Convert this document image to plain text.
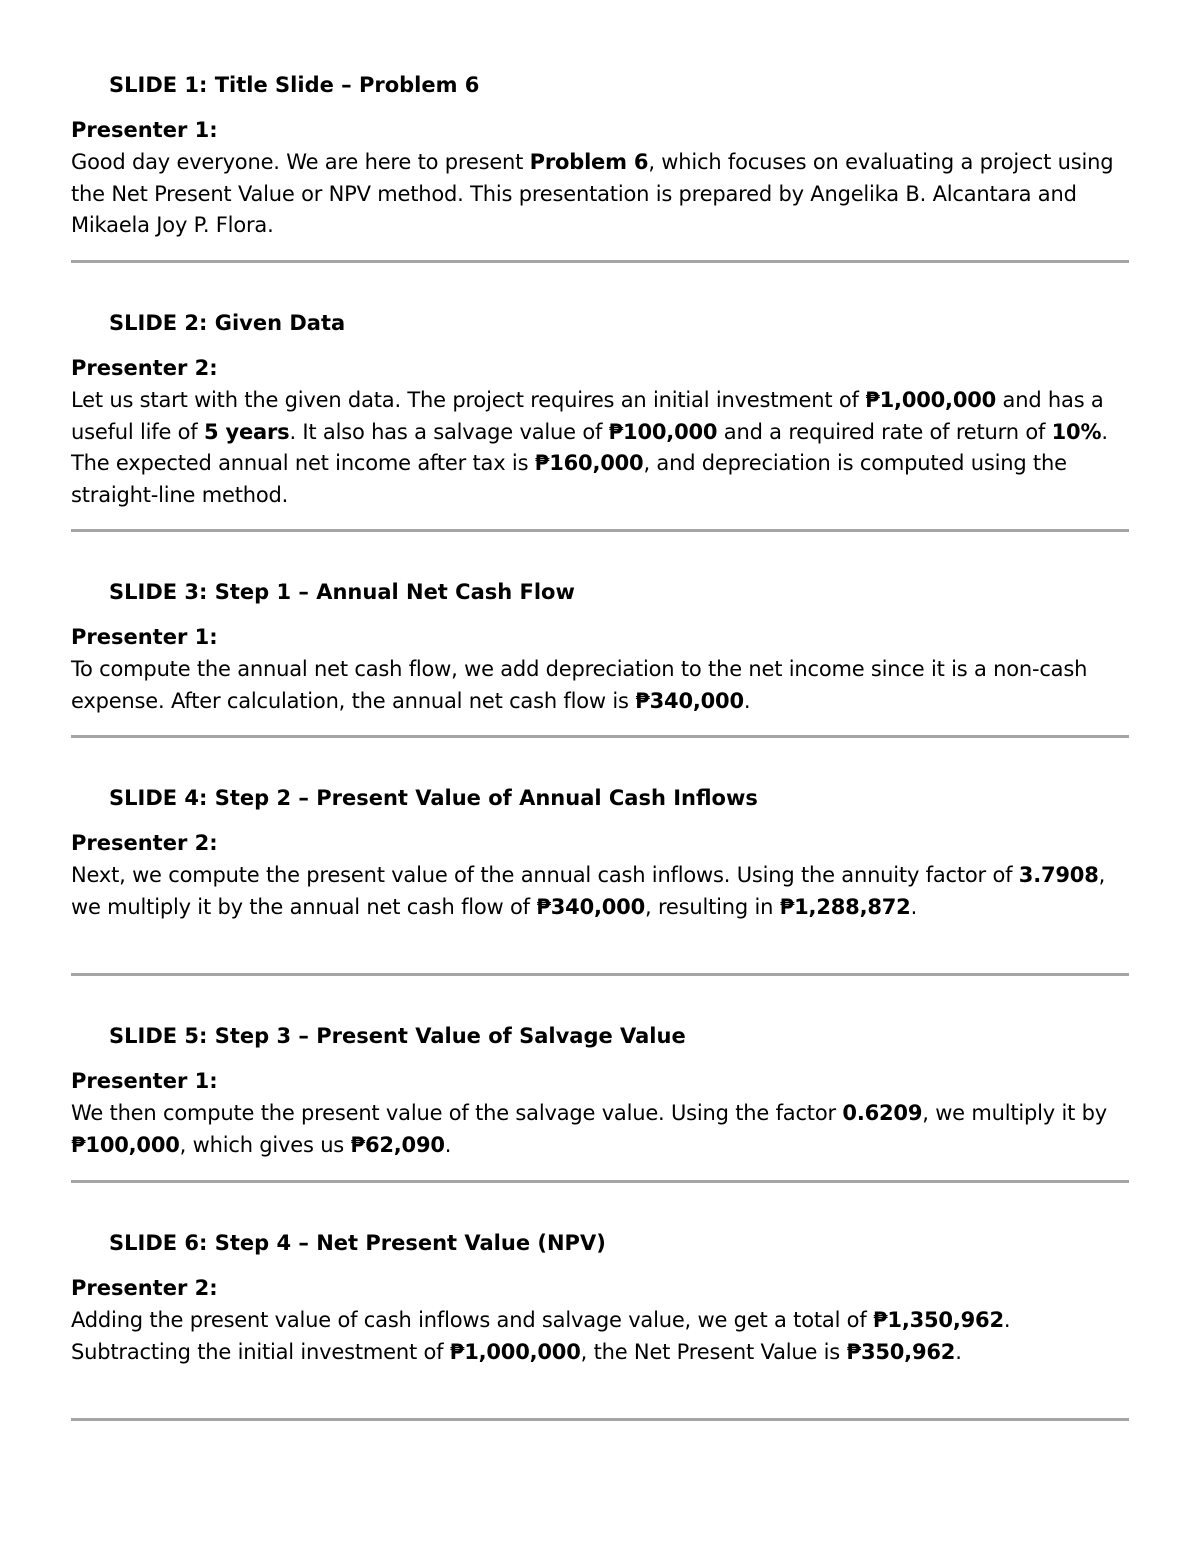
SLIDE 1: Title Slide – Problem 6

Presenter 1:

Good day everyone. We are here to present Problem 6, which focuses on evaluating a project using the Net Present Value or NPV method. This presentation is prepared by Angelika B. Alcantara and Mikaela Joy P. Flora.

SLIDE 2: Given Data

Presenter 2:

Let us start with the given data. The project requires an initial investment of ₱1,000,000 and has a useful life of 5 years. It also has a salvage value of ₱100,000 and a required rate of return of 10%. The expected annual net income after tax is ₱160,000, and depreciation is computed using the straight-line method.

SLIDE 3: Step 1 – Annual Net Cash Flow

Presenter 1:

To compute the annual net cash flow, we add depreciation to the net income since it is a non-cash expense. After calculation, the annual net cash flow is ₱340,000.

SLIDE 4: Step 2 – Present Value of Annual Cash Inflows

Presenter 2:

Next, we compute the present value of the annual cash inflows. Using the annuity factor of 3.7908, we multiply it by the annual net cash flow of ₱340,000, resulting in ₱1,288,872.

SLIDE 5: Step 3 – Present Value of Salvage Value

Presenter 1:

We then compute the present value of the salvage value. Using the factor 0.6209, we multiply it by ₱100,000, which gives us ₱62,090.

SLIDE 6: Step 4 – Net Present Value (NPV)

Presenter 2:

Adding the present value of cash inflows and salvage value, we get a total of ₱1,350,962. Subtracting the initial investment of ₱1,000,000, the Net Present Value is ₱350,962.
